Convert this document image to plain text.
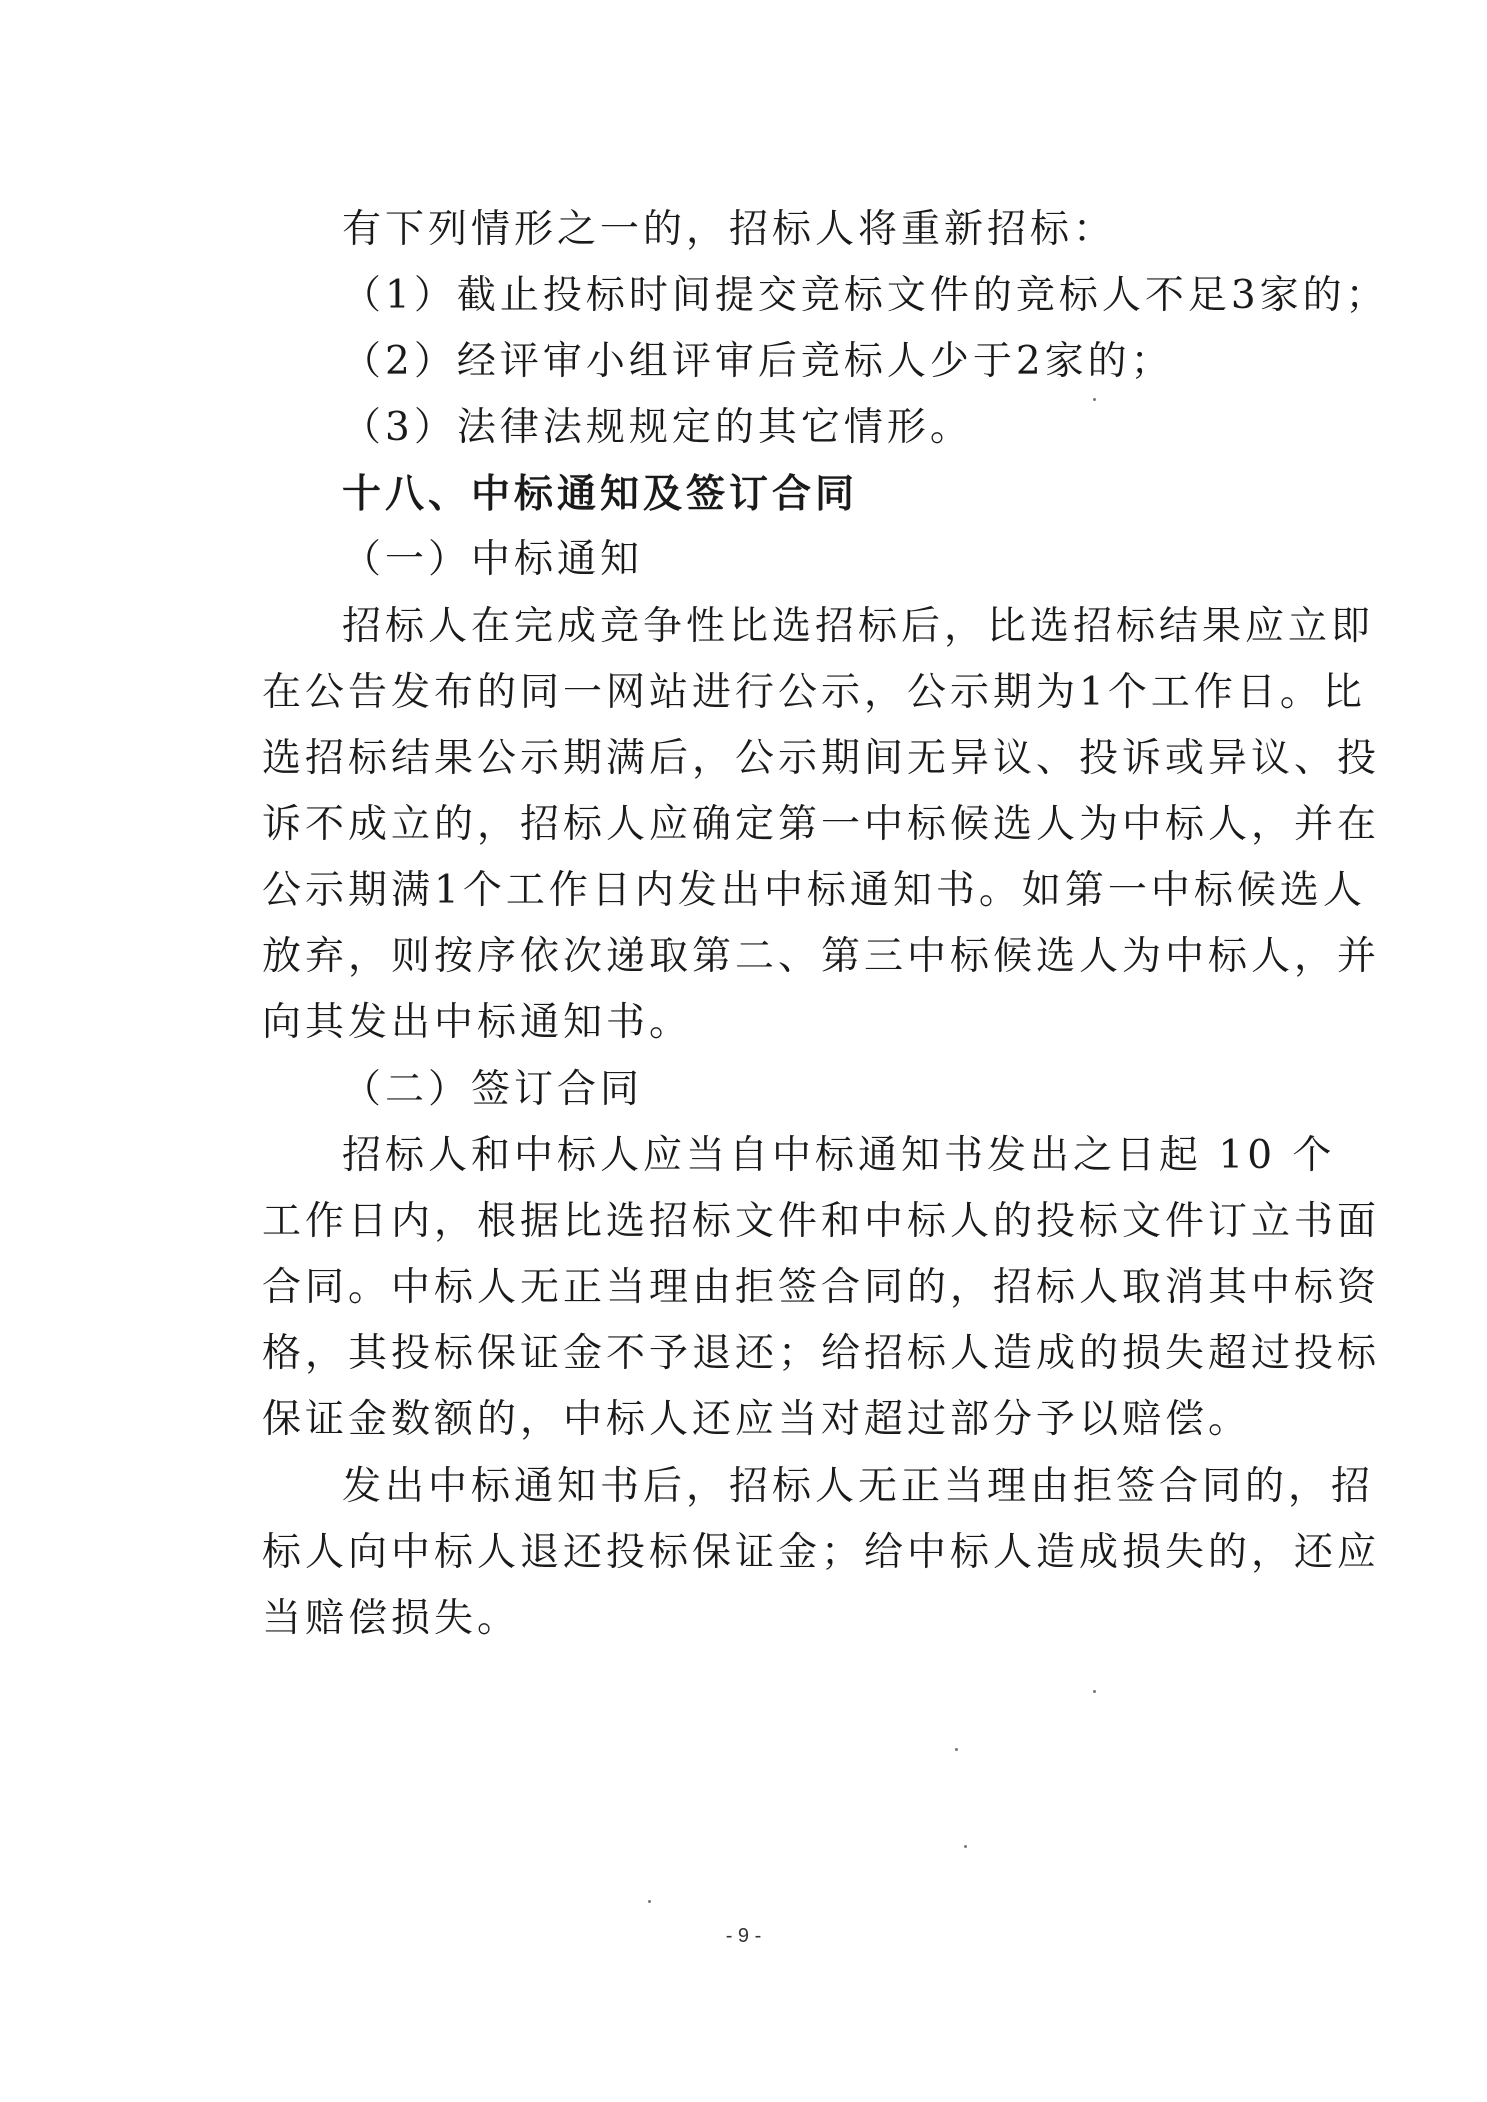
有下列情形之一的，招标人将重新招标：
（1）截止投标时间提交竞标文件的竞标人不足3家的；
（2）经评审小组评审后竞标人少于2家的；
（3）法律法规规定的其它情形。
十八、中标通知及签订合同
（一）中标通知
招标人在完成竞争性比选招标后，比选招标结果应立即
在公告发布的同一网站进行公示，公示期为1个工作日。比
选招标结果公示期满后，公示期间无异议、投诉或异议、投
诉不成立的，招标人应确定第一中标候选人为中标人，并在
公示期满1个工作日内发出中标通知书。如第一中标候选人
放弃，则按序依次递取第二、第三中标候选人为中标人，并
向其发出中标通知书。
（二）签订合同
招标人和中标人应当自中标通知书发出之日起 10 个
工作日内，根据比选招标文件和中标人的投标文件订立书面
合同。中标人无正当理由拒签合同的，招标人取消其中标资
格，其投标保证金不予退还；给招标人造成的损失超过投标
保证金数额的，中标人还应当对超过部分予以赔偿。
发出中标通知书后，招标人无正当理由拒签合同的，招
标人向中标人退还投标保证金；给中标人造成损失的，还应
当赔偿损失。
- 9 -
